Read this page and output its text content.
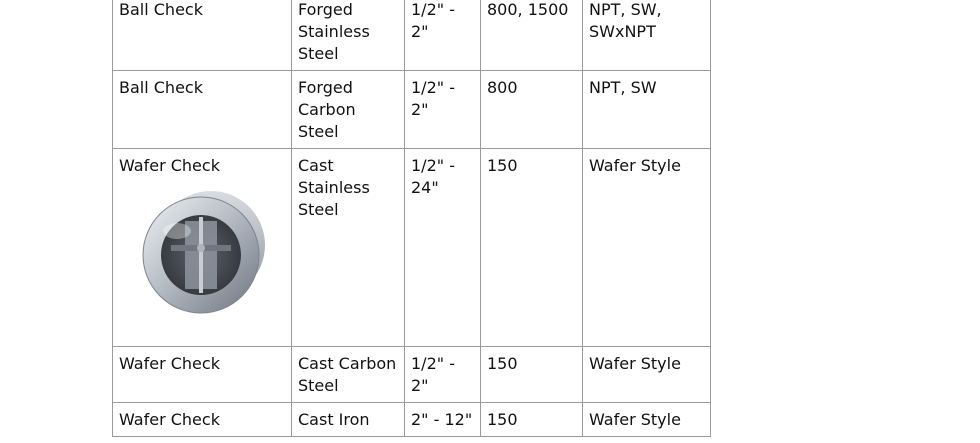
Ball Check	Forged Stainless Steel	1/2" - 2"	800, 1500	NPT, SW, SWxNPT
Ball Check	Forged Carbon Steel	1/2" - 2"	800	NPT, SW

Wafer Check	Cast Stainless Steel	1/2" - 24"	150	Wafer Style
Wafer Check	Cast Carbon Steel	1/2" - 2"	150	Wafer Style
Wafer Check	Cast Iron	2" - 12"	150	Wafer Style
